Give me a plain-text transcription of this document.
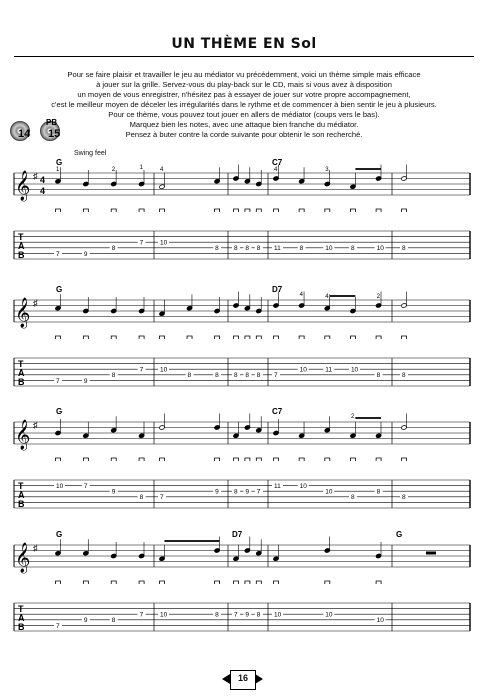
UN THÈME EN Sol
Pour se faire plaisir et travailler le jeu au médiator vu précédemment, voici un thème simple mais efficace
à jouer sur la grille. Servez-vous du play-back sur le CD, mais si vous avez à disposition
un moyen de vous enregistrer, n'hésitez pas à essayer de jouer sur votre propre accompagnement,
c'est le meilleur moyen de déceler les irrégularités dans le rythme et de commencer à bien sentir le jeu à plusieurs.
Pour ce thème, vous pouvez tout jouer en allers de médiator (coups vers le bas).
Marquez bien les notes, avec une attaque bien franche du médiator.
Pensez à buter contre la corde suivante pour obtenir le son recherché.
14
PB
15
Swing feel
𝄞 ♯ 4
4
T
A
B
G	C7
1
7	9
2
8
1
7
4
10
8 8 8 8
4
11	8
3
10	8	10	8
𝄞 ♯
T
A
B
G	D7
7	9
8
7	10
8	8 8 8 8 7
4
10
4
11	10
2
8	8
𝄞 ♯
T
A
B
G	C7
10	7
9
8	7
9 8 9 7
11	10
10
2
8
8
8
𝄞 ♯
T
A
B
G	D7	G
7
9	8
7	10	8 7 9 8 10	10
10
16
